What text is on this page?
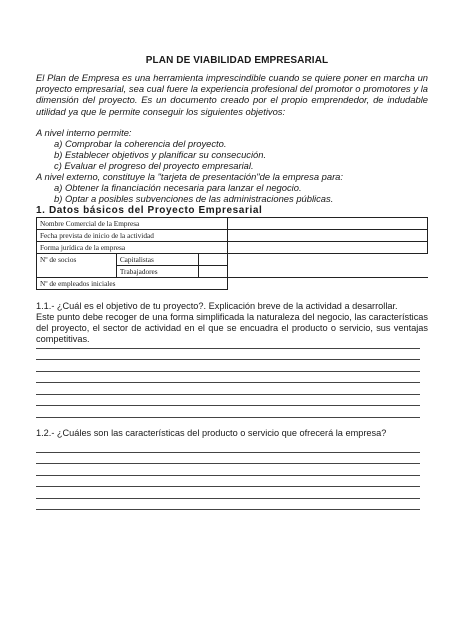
PLAN DE VIABILIDAD EMPRESARIAL

El Plan de Empresa es una herramienta imprescindible cuando se quiere poner en marcha un proyecto empresarial, sea cual fuere la experiencia profesional del promotor o promotores y la dimensión del proyecto. Es un documento creado por el propio emprendedor, de indudable utilidad ya que le permite conseguir los siguientes objetivos:

A nivel interno permite:
a) Comprobar la coherencia del proyecto.
b) Establecer objetivos y planificar su consecución.
c) Evaluar el progreso del proyecto empresarial.
A nivel externo, constituye la "tarjeta de presentación"de la empresa para:
a) Obtener la financiación necesaria para lanzar el negocio.
b) Optar a posibles subvenciones de las administraciones públicas.
1. Datos básicos del Proyecto Empresarial
Nombre Comercial de la Empresa			
Fecha prevista de inicio de la actividad			
Forma jurídica de la empresa			
Nº de socios	Capitalistas		
	Trabajadores		
Nº de empleados iniciales			

1.1.- ¿Cuál es el objetivo de tu proyecto?. Explicación breve de la actividad a desarrollar.

Este punto debe recoger de una forma simplificada la naturaleza del negocio, las características del proyecto, el sector de actividad en el que se encuadra el producto o servicio, sus ventajas competitivas.

1.2.- ¿Cuáles son las características del producto o servicio que ofrecerá la empresa?
